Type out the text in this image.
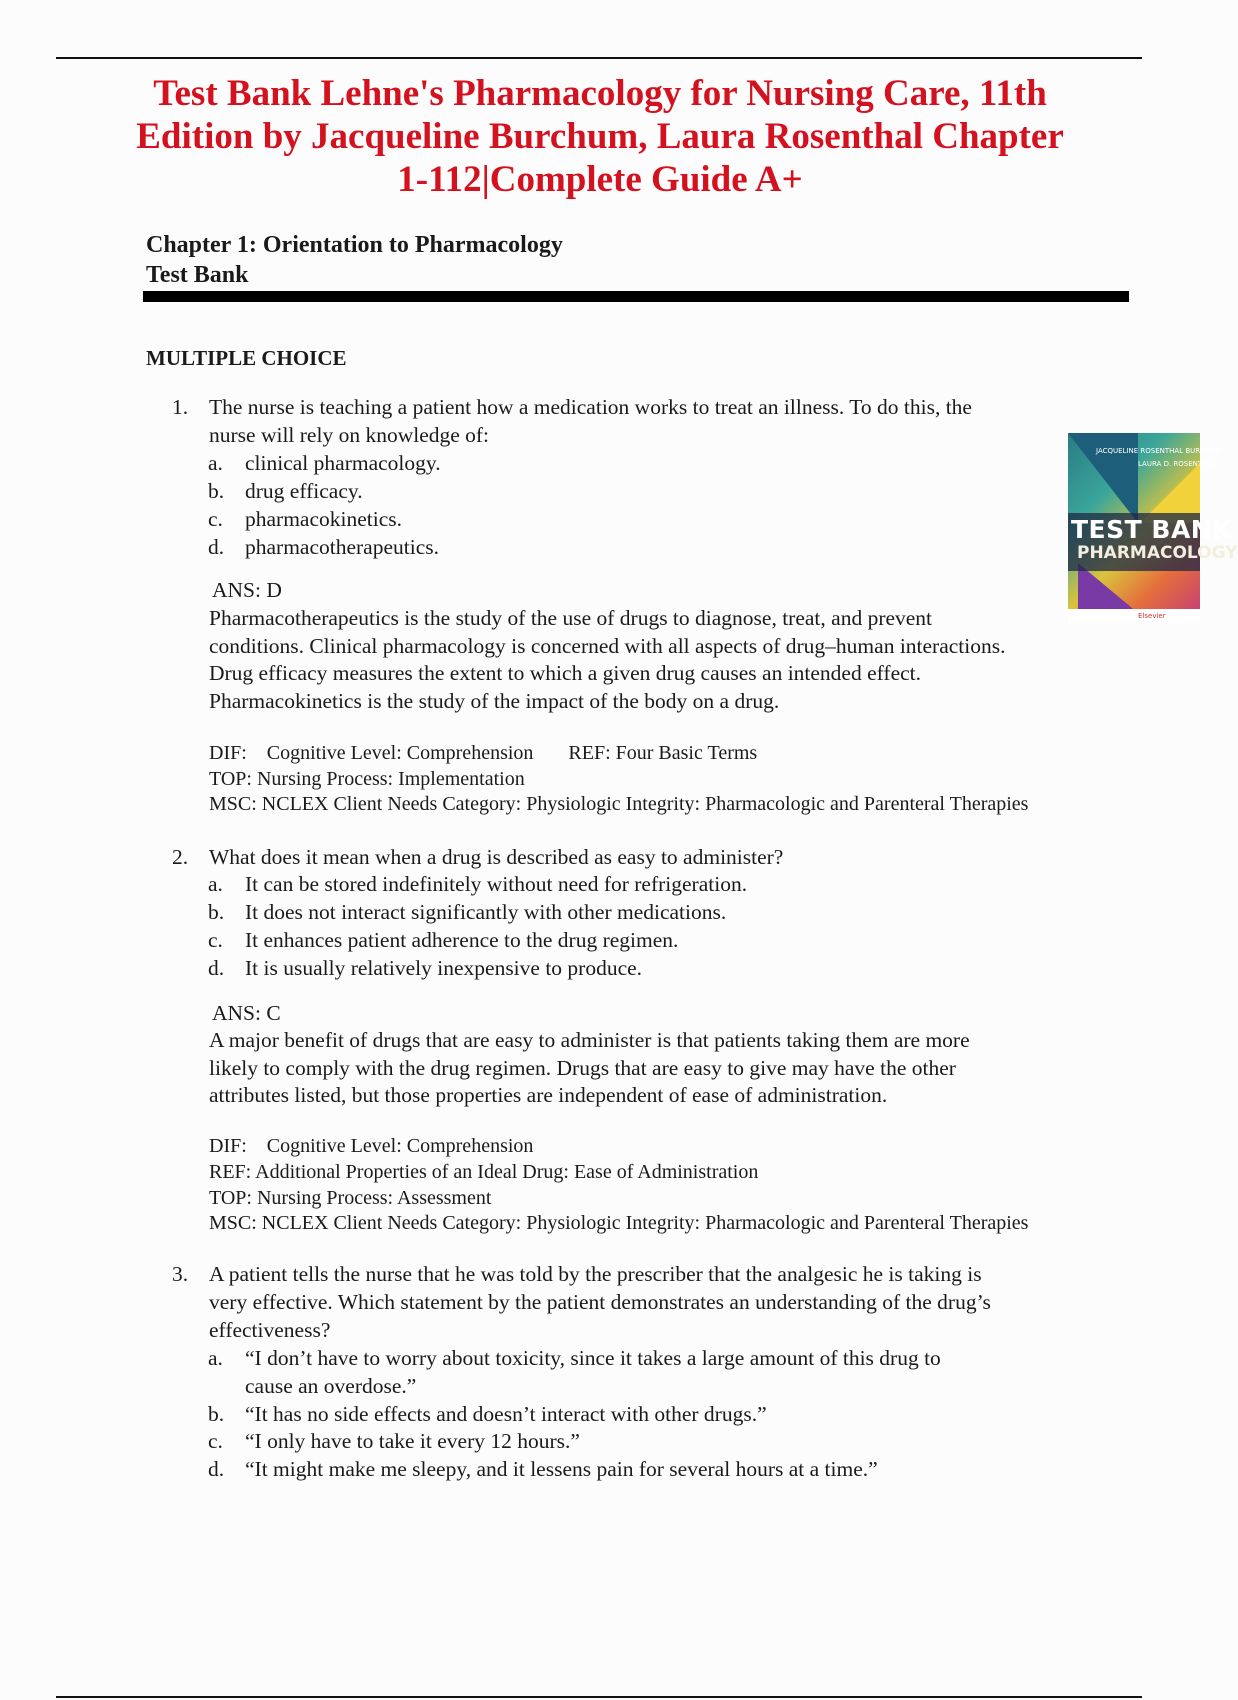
Test Bank Lehne's Pharmacology for Nursing Care, 11th Edition by Jacqueline Burchum, Laura Rosenthal Chapter 1-112|Complete Guide A+
Chapter 1: Orientation to Pharmacology
Test Bank
MULTIPLE CHOICE
1. The nurse is teaching a patient how a medication works to treat an illness. To do this, the
nurse will rely on knowledge of:
a. clinical pharmacology.
b. drug efficacy.
c. pharmacokinetics.
d. pharmacotherapeutics.
ANS: D
Pharmacotherapeutics is the study of the use of drugs to diagnose, treat, and prevent
conditions. Clinical pharmacology is concerned with all aspects of drug–human interactions.
Drug efficacy measures the extent to which a given drug causes an intended effect.
Pharmacokinetics is the study of the impact of the body on a drug.
DIF:    Cognitive Level: Comprehension       REF: Four Basic Terms
TOP: Nursing Process: Implementation
MSC: NCLEX Client Needs Category: Physiologic Integrity: Pharmacologic and Parenteral Therapies
2. What does it mean when a drug is described as easy to administer?
a. It can be stored indefinitely without need for refrigeration.
b. It does not interact significantly with other medications.
c. It enhances patient adherence to the drug regimen.
d. It is usually relatively inexpensive to produce.
ANS: C
A major benefit of drugs that are easy to administer is that patients taking them are more
likely to comply with the drug regimen. Drugs that are easy to give may have the other
attributes listed, but those properties are independent of ease of administration.
DIF:    Cognitive Level: Comprehension
REF: Additional Properties of an Ideal Drug: Ease of Administration
TOP: Nursing Process: Assessment
MSC: NCLEX Client Needs Category: Physiologic Integrity: Pharmacologic and Parenteral Therapies
3. A patient tells the nurse that he was told by the prescriber that the analgesic he is taking is
very effective. Which statement by the patient demonstrates an understanding of the drug’s
effectiveness?
a. “I don’t have to worry about toxicity, since it takes a large amount of this drug to
cause an overdose.”
b. “It has no side effects and doesn’t interact with other drugs.”
c. “I only have to take it every 12 hours.”
d. “It might make me sleepy, and it lessens pain for several hours at a time.”
JACQUELINE ROSENTHAL BURCHUM
LAURA D. ROSENTHAL
TEST BANK
PHARMACOLOGY
Elsevier
